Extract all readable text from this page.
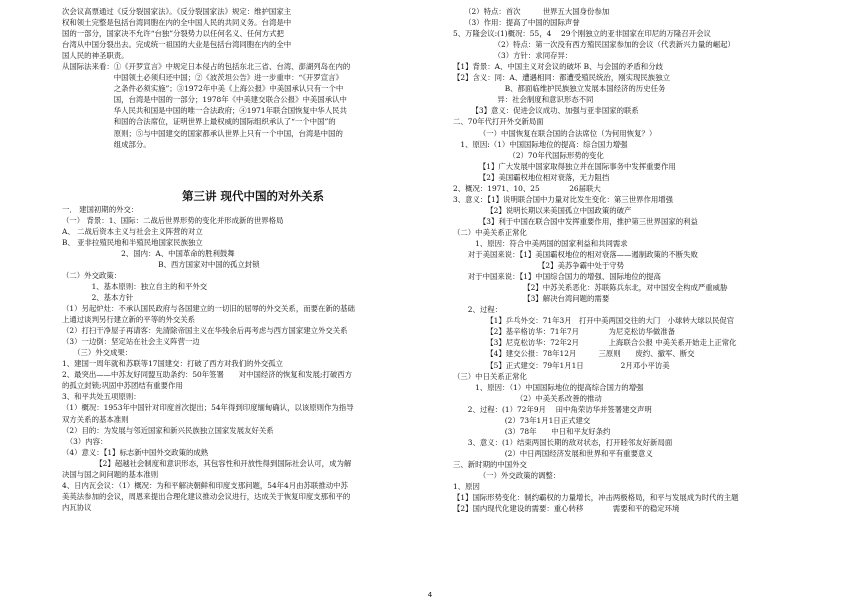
次会议高票通过《反分裂国家法》。《反分裂国家法》规定：维护国家主
权和领土完整是包括台湾同胞在内的全中国人民的共同义务。台湾是中
国的一部分，国家决不允许“台独”分裂势力以任何名义、任何方式把
台湾从中国分裂出去。完成统一祖国的大业是包括台湾同胞在内的全中
国人民的神圣职责。
从国际法来看：①《开罗宣言》中规定日本侵占的包括东北三省、台湾、澎湖列岛在内的
　　　　　　　中国领土必须归还中国；②《波茨坦公告》进一步重申：“《开罗宣言》
　　　　　　　之条件必须实施”；③1972年中美《上海公报》中美国承认只有一个中
　　　　　　　国，台湾是中国的一部分；1978年《中美建交联合公报》中美国承认中
　　　　　　　华人民共和国是中国的唯一合法政府；④1971年联合国恢复中华人民共
　　　　　　　和国的合法席位，证明世界上最权威的国际组织承认了“一个中国”的
　　　　　　　原则；⑤与中国建交的国家都承认世界上只有一个中国，台湾是中国的
　　　　　　　组成部分。
第三讲 现代中国的对外关系
一． 建国初期的外交：
（一） 背景：1、国际：二战后世界形势的变化并形成新的世界格局
A、 二战后资本主义与社会主义阵营的对立
B、 亚非拉殖民地和半殖民地国家民族独立
　　　　　　　　2、国内：A、中国革命的胜利鼓舞
　　　　　　　　　　　　　B、西方国家对中国的孤立封锁
（二）外交政策：
　　　　1、基本原则：独立自主的和平外交
　　　　2、基本方针
（1）另起炉灶：不承认国民政府与各国建立的一切旧的屈辱的外交关系，而要在新的基础
上通过谈判另行建立新的平等的外交关系
（2）打扫干净屋子再请客：先清除帝国主义在华残余后再考虑与西方国家建立外交关系
（3）一边倒：坚定站在社会主义阵营一边
　　（三）外交成果：
1、建国一周年就和苏联等17国建交：打破了西方对我们的外交孤立
2、最突出——中苏友好同盟互助条约：50年签署　　对中国经济的恢复和发展;打破西方
的孤立封锁;巩固中苏团结有重要作用
3、和平共处五项原则：
（1）概况：1953年中国针对印度首次提出；54年得到印度缅甸确认，以该原则作为指导
双方关系的基本准则
（2）目的：为发展与邻近国家和新兴民族独立国家发展友好关系
　（3）内容：
（4）意义：【1】标志新中国外交政策的成熟
　　　　　【2】超越社会制度和意识形态，其包容性和开放性得到国际社会认可，成为解
决国与国之间问题的基本准则
4、日内瓦会议：（1）概况：为和平解决朝鲜和印度支那问题，54年4月由苏联推动中苏
美英法参加的会议，周恩来提出合理化建议推动会议进行，达成关于恢复印度支那和平的
内瓦协议
　　（2）特点：首次　　　世界五大国身份参加
　　（3）作用：提高了中国的国际声誉
5、万隆会议:(1)概况：55，4　 29个刚独立的亚非国家在印尼的万隆召开会议
　　　　　　（2）特点：第一次没有西方殖民国家参加的会议（代表新兴力量的崛起）
　　　　　　（3）方针：求同存异：
【1】背景：A、中国主义对会议的破坏 B、与会国的矛盾和分歧
【2】含义：同：A、遭遇相同：都遭受殖民统治，刚实现民族独立
　　　　　　　B、都面临维护民族独立发展本国经济的历史任务
　　　　　　异：社会制度和意识形态不同
　　　【3】意义：促进会议成功、加强与亚非国家的联系
二、70年代打开外交新局面
　　　　（一）中国恢复在联合国的合法席位（为何用恢复？）
　1、原因:（1）中国国际地位的提高：综合国力增强
　　　　　　　　（2）70年代国际形势的变化
　　　　【1】广大发展中国家取得独立并在国际事务中发挥重要作用
　　　　【2】美国霸权地位相对衰落，无力阻挡
2、概况：1971、10、25　　　　26届联大
3、意义：【1】说明联合国中力量对比发生变化：第三世界作用增强
　　　　　【2】说明长期以来美国孤立中国政策的破产
　　　　【3】利于中国在联合国中发挥重要作用，推护第三世界国家的利益
（二）中美关系正常化
　　　1、原因：符合中美两国的国家利益和共同需求
　　对于美国来说：【1】美国霸权地位的相对衰落——遏制政策的不断失败
　　　　　　　　　　　　【2】美苏争霸中处于守势
　　对于中国来说：【1】中国综合国力的增强、国际地位的提高
　　　　　　　　　　【2】中苏关系恶化：苏联陈兵东北，对中国安全构成严重威胁
　　　　　　　　　　【3】解决台湾问题的需要
　　2、过程：
　　　　　【1】乒乓外交：71年3月　打开中美两国交往的大门　小球转大球以民促官
　　　　　【2】基辛格访华：71年7月　　　　为尼克松访华做准备
　　　　　【3】尼克松访华：72年2月　　　　上海联合公报 中美关系开始走上正常化
　　　　　【4】建交公报：78年12月　　　三原则　　废约、撤军、断交
　　　　　【5】正式建交：79年1月1日　　　　　2月邓小平访美
（三）中日关系正常化
　　　1、原因：（1）中国国际地位的提高综合国力的增强
　　　　　　　　　（2）中美关系改善的推动
　　2、过程：(1）72年9月　 田中角荣访华并签署建交声明
　　　　　　　(2）73年1月1日正式建交
　　　　　　　(3）78年　　中日和平友好条约
　　3、意义：(1）结束两国长期的敌对状态，打开睦邻友好新局面
　　　　　　　(2）中日两国经济发展和世界和平有重要意义
三、新时期的中国外交
　　　　（一）外交政策的调整：
1、原因
【1】国际形势变化：制约霸权的力量增长，冲击两极格局，和平与发展成为时代的主题
【2】国内现代化建设的需要：重心转移　　　　需要和平的稳定环境
4
